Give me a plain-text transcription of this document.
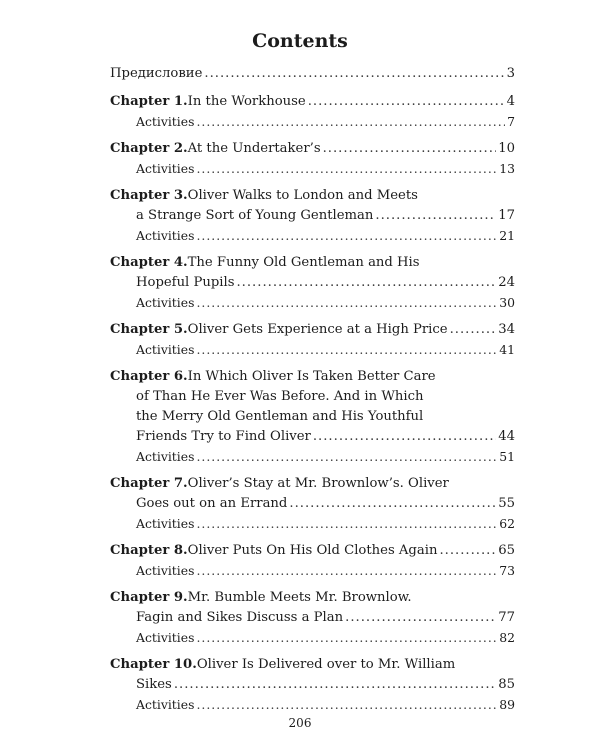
Contents
Предисловие .....	3
Chapter 1 . In the Workhouse .....	4
Activities .....	7
Chapter 2 . At the Undertaker’s .....	10
Activities .....	13
Chapter 3 . Oliver Walks to London and Meets
a Strange Sort of Young Gentleman .....	17
Activities .....	21
Chapter 4 . The Funny Old Gentleman and His
Hopeful Pupils .....	24
Activities .....	30
Chapter 5 . Oliver Gets Experience at a High Price .....	34
Activities .....	41
Chapter 6 . In Which Oliver Is Taken Better Care
of Than He Ever Was Before. And in Which
the Merry Old Gentleman and His Youthful
Friends Try to Find Oliver .....	44
Activities .....	51
Chapter 7 . Oliver’s Stay at Mr. Brownlow’s. Oliver
Goes out on an Errand .....	55
Activities .....	62
Chapter 8 . Oliver Puts On His Old Clothes Again .....	65
Activities .....	73
Chapter 9 . Mr. Bumble Meets Mr. Brownlow.
Fagin and Sikes Discuss a Plan .....	77
Activities .....	82
Chapter 10 . Oliver Is Delivered over to Mr. William
Sikes .....	85
Activities .....	89
206
